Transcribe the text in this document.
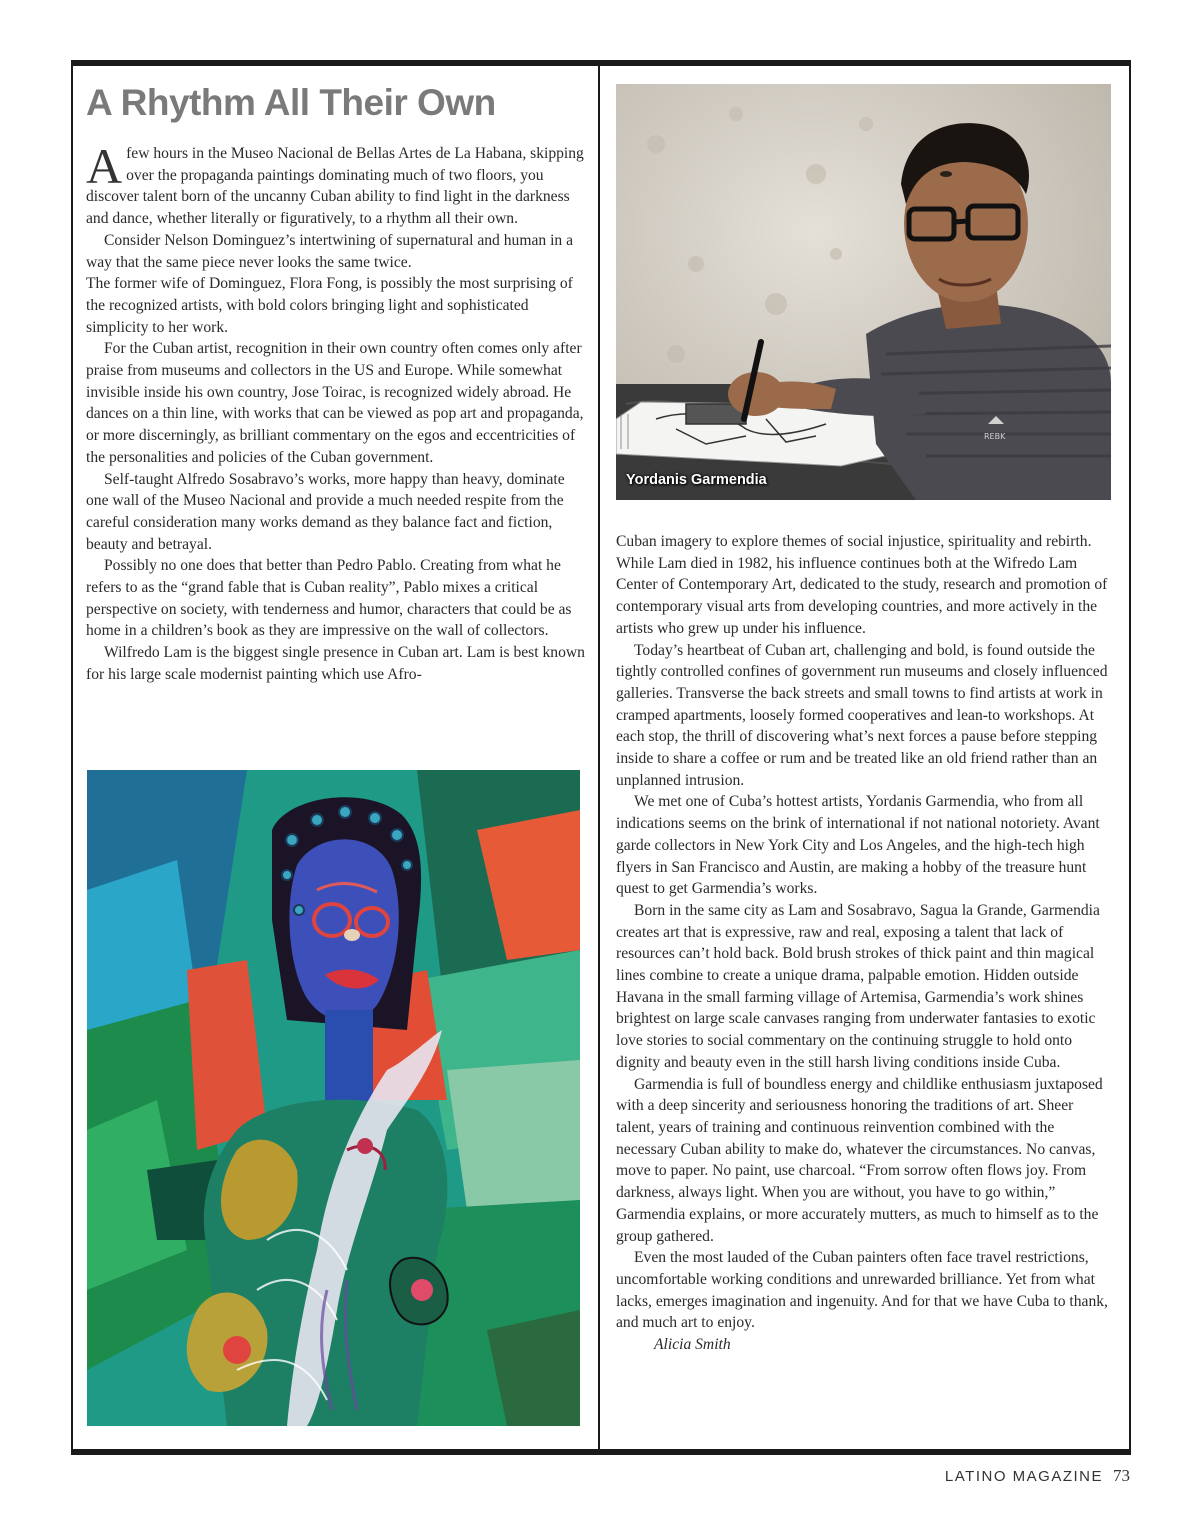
A Rhythm All Their Own

Afew hours in the Museo Nacional de Bellas Artes de La Habana, skipping over the propaganda paintings dominating much of two floors, you discover talent born of the uncanny Cuban ability to find light in the darkness and dance, whether literally or figuratively, to a rhythm all their own.

Consider Nelson Dominguez’s intertwining of supernatural and human in a way that the same piece never looks the same twice.

The former wife of Dominguez, Flora Fong, is possibly the most surprising of the recognized artists, with bold colors bringing light and sophisticated simplicity to her work.

For the Cuban artist, recognition in their own country often comes only after praise from museums and collectors in the US and Europe. While somewhat invisible inside his own country, Jose Toirac, is recognized widely abroad. He dances on a thin line, with works that can be viewed as pop art and propaganda, or more discerningly, as brilliant commentary on the egos and eccentricities of the personalities and policies of the Cuban government.

Self-taught Alfredo Sosabravo’s works, more happy than heavy, dominate one wall of the Museo Nacional and provide a much needed respite from the careful consideration many works demand as they balance fact and fiction, beauty and betrayal.

Possibly no one does that better than Pedro Pablo. Creating from what he refers to as the “grand fable that is Cuban reality”, Pablo mixes a critical perspective on society, with tenderness and humor, characters that could be as home in a children’s book as they are impressive on the wall of collectors.

Wilfredo Lam is the biggest single presence in Cuban art. Lam is best known for his large scale modernist painting which use Afro-

REBK
Yordanis Garmendia

Cuban imagery to explore themes of social injustice, spirituality and rebirth. While Lam died in 1982, his influence continues both at the Wifredo Lam Center of Contemporary Art, dedicated to the study, research and promotion of contemporary visual arts from developing countries, and more actively in the artists who grew up under his influence.

Today’s heartbeat of Cuban art, challenging and bold, is found outside the tightly controlled confines of government run museums and closely influenced galleries. Transverse the back streets and small towns to find artists at work in cramped apartments, loosely formed cooperatives and lean-to workshops. At each stop, the thrill of discovering what’s next forces a pause before stepping inside to share a coffee or rum and be treated like an old friend rather than an unplanned intrusion.

We met one of Cuba’s hottest artists, Yordanis Garmendia, who from all indications seems on the brink of international if not national notoriety. Avant garde collectors in New York City and Los Angeles, and the high-tech high flyers in San Francisco and Austin, are making a hobby of the treasure hunt quest to get Garmendia’s works.

Born in the same city as Lam and Sosabravo, Sagua la Grande, Garmendia creates art that is expressive, raw and real, exposing a talent that lack of resources can’t hold back. Bold brush strokes of thick paint and thin magical lines combine to create a unique drama, palpable emotion. Hidden outside Havana in the small farming village of Artemisa, Garmendia’s work shines brightest on large scale canvases ranging from underwater fantasies to exotic love stories to social commentary on the continuing struggle to hold onto dignity and beauty even in the still harsh living conditions inside Cuba.

Garmendia is full of boundless energy and childlike enthusiasm juxtaposed with a deep sincerity and seriousness honoring the traditions of art. Sheer talent, years of training and continuous reinvention combined with the necessary Cuban ability to make do, whatever the circumstances. No canvas, move to paper. No paint, use charcoal. “From sorrow often flows joy. From darkness, always light. When you are without, you have to go within,” Garmendia explains, or more accurately mutters, as much to himself as to the group gathered.

Even the most lauded of the Cuban painters often face travel restrictions, uncomfortable working conditions and unrewarded brilliance. Yet from what lacks, emerges imagination and ingenuity. And for that we have Cuba to thank, and much art to enjoy.

Alicia Smith

LATINO MAGAZINE 73
